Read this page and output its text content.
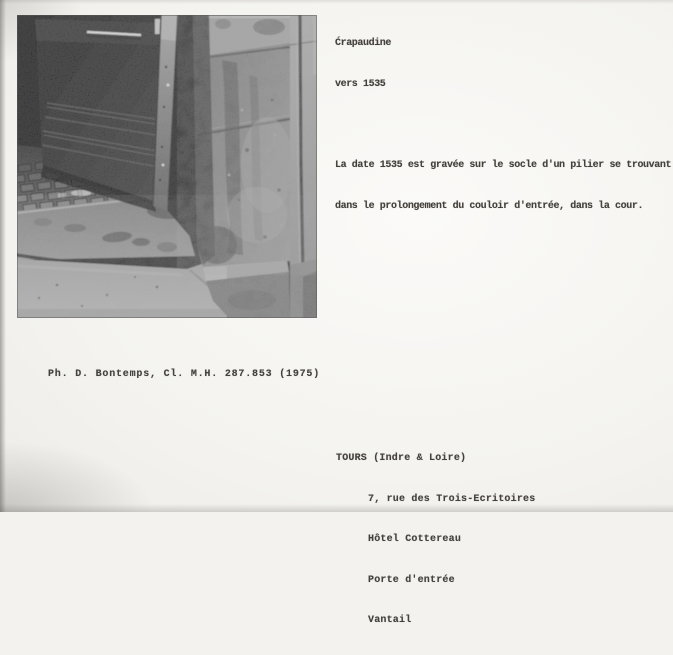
Ćrapaudine

vers 1535

La date 1535 est gravée sur le socle d'un pilier se trouvant

dans le prolongement du couloir d'entrée, dans la cour.

Ph. D. Bontemps, Cl. M.H. 287.853 (1975)

TOURS (Indre & Loire)

7, rue des Trois-Ecritoires

Hôtel Cottereau

Porte d'entrée

Vantail
